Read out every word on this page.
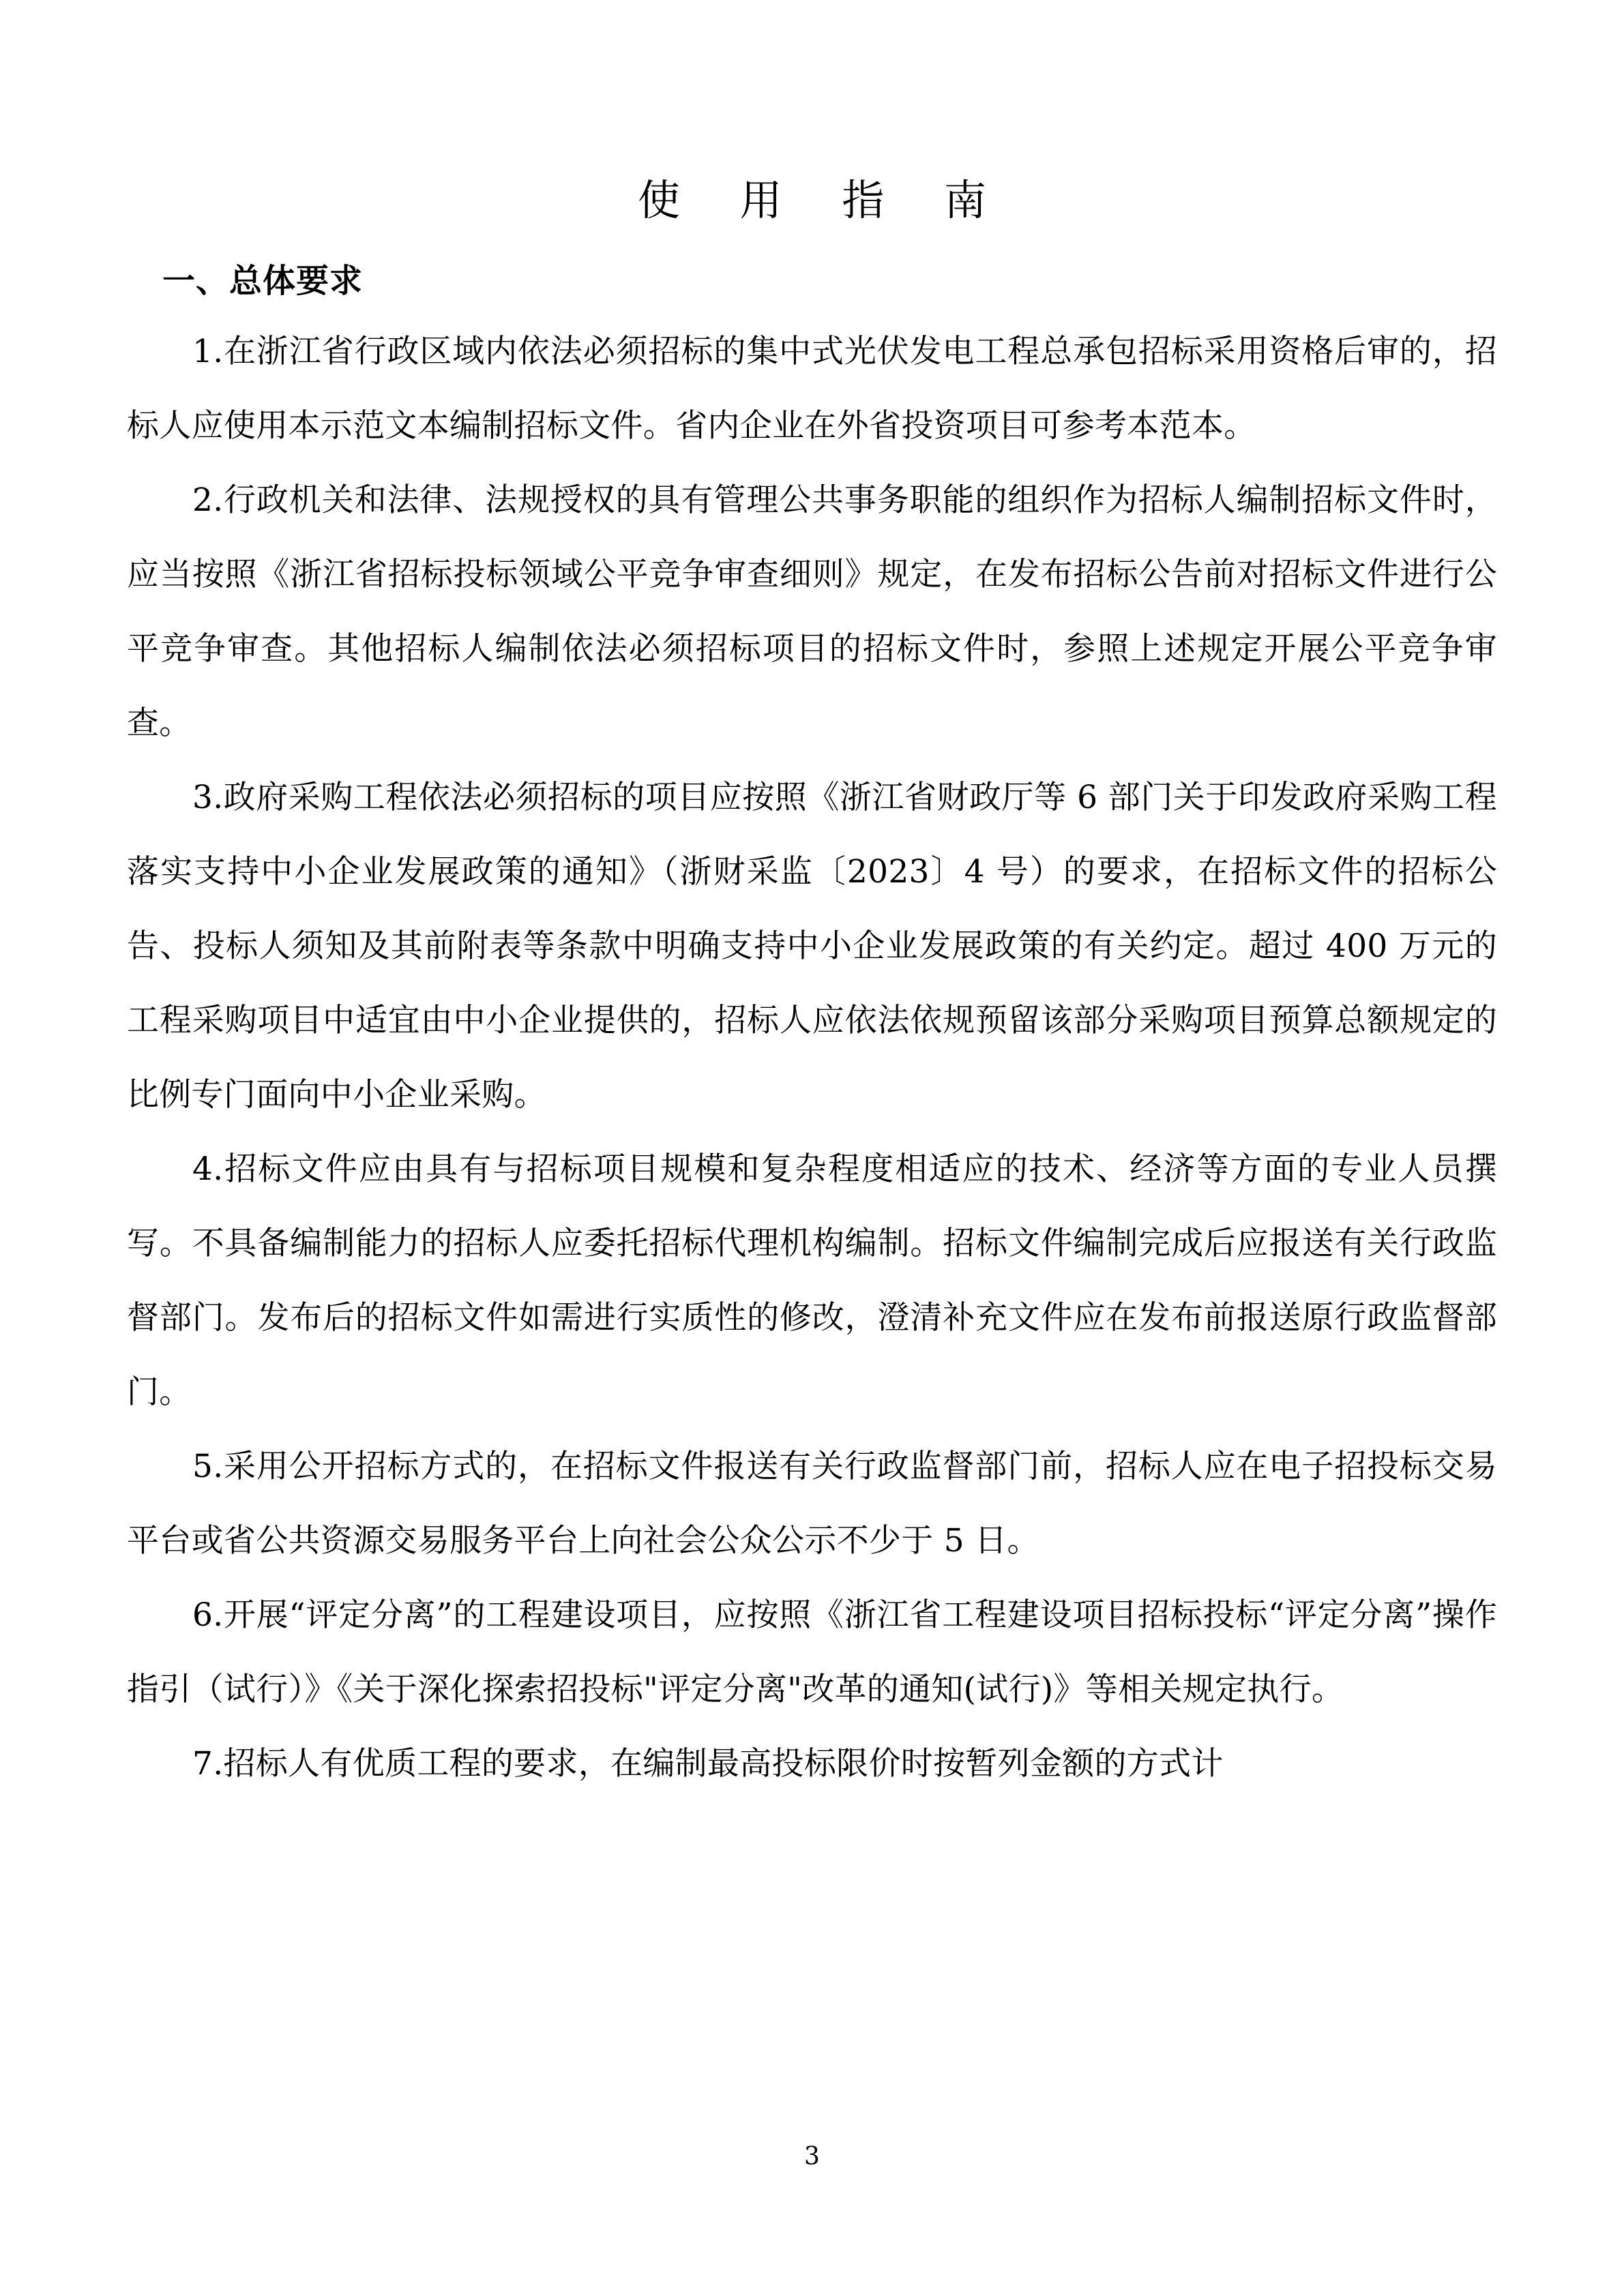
使 用 指 南
一、总体要求

1.在浙江省行政区域内依法必须招标的集中式光伏发电工程总承包招标采用资格后审的，招标人应使用本示范文本编制招标文件。省内企业在外省投资项目可参考本范本。

2.行政机关和法律、法规授权的具有管理公共事务职能的组织作为招标人编制招标文件时，应当按照《浙江省招标投标领域公平竞争审查细则》规定，在发布招标公告前对招标文件进行公平竞争审查。其他招标人编制依法必须招标项目的招标文件时，参照上述规定开展公平竞争审查。

3.政府采购工程依法必须招标的项目应按照《浙江省财政厅等 6 部门关于印发政府采购工程落实支持中小企业发展政策的通知》（浙财采监〔2023〕4 号）的要求，在招标文件的招标公告、投标人须知及其前附表等条款中明确支持中小企业发展政策的有关约定。超过 400 万元的工程采购项目中适宜由中小企业提供的，招标人应依法依规预留该部分采购项目预算总额规定的比例专门面向中小企业采购。

4.招标文件应由具有与招标项目规模和复杂程度相适应的技术、经济等方面的专业人员撰写。不具备编制能力的招标人应委托招标代理机构编制。招标文件编制完成后应报送有关行政监督部门。发布后的招标文件如需进行实质性的修改，澄清补充文件应在发布前报送原行政监督部门。

5.采用公开招标方式的，在招标文件报送有关行政监督部门前，招标人应在电子招投标交易平台或省公共资源交易服务平台上向社会公众公示不少于 5 日。

6.开展“评定分离”的工程建设项目，应按照《浙江省工程建设项目招标投标“评定分离”操作指引（试行）》《关于深化探索招投标"评定分离"改革的通知(试行)》等相关规定执行。

7.招标人有优质工程的要求，在编制最高投标限价时按暂列金额的方式计

3
